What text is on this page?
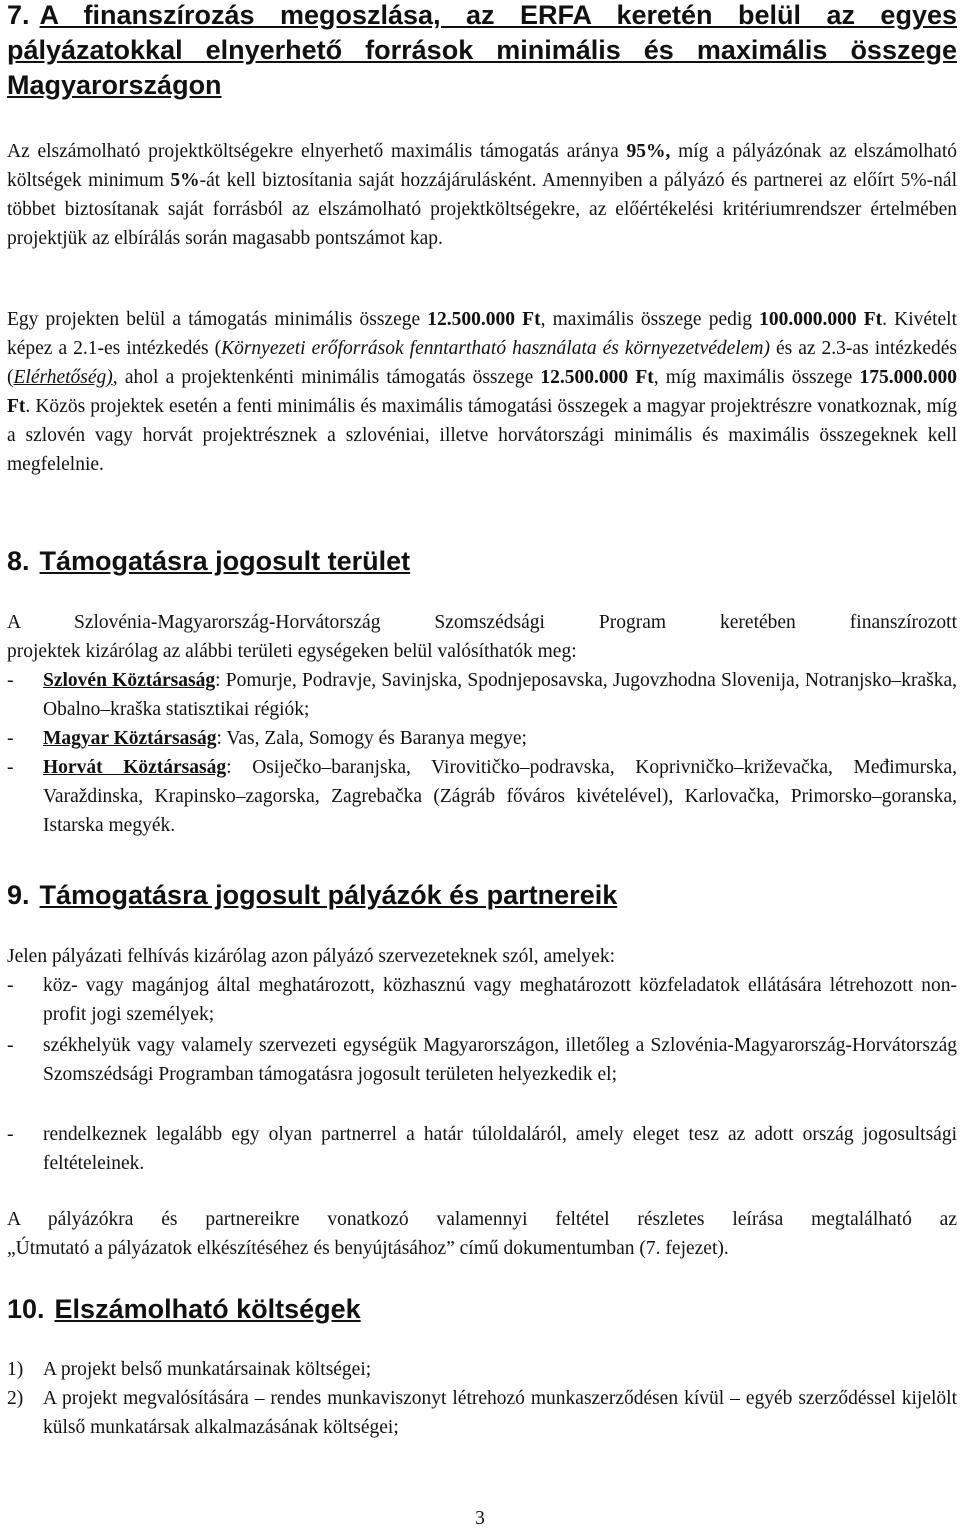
7. A finanszírozás megoszlása, az ERFA keretén belül az egyes pályázatokkal elnyerhető források minimális és maximális összege Magyarországon
Az elszámolható projektköltségekre elnyerhető maximális támogatás aránya 95%, míg a pályázónak az elszámolható költségek minimum 5%-át kell biztosítania saját hozzájárulásként. Amennyiben a pályázó és partnerei az előírt 5%-nál többet biztosítanak saját forrásból az elszámolható projektköltségekre, az előértékelési kritériumrendszer értelmében projektjük az elbírálás során magasabb pontszámot kap.
Egy projekten belül a támogatás minimális összege 12.500.000 Ft, maximális összege pedig 100.000.000 Ft. Kivételt képez a 2.1-es intézkedés (Környezeti erőforrások fenntartható használata és környezetvédelem) és az 2.3-as intézkedés (Elérhetőség), ahol a projektenkénti minimális támogatás összege 12.500.000 Ft, míg maximális összege 175.000.000 Ft. Közös projektek esetén a fenti minimális és maximális támogatási összegek a magyar projektrészre vonatkoznak, míg a szlovén vagy horvát projektrésznek a szlovéniai, illetve horvátországi minimális és maximális összegeknek kell megfelelnie.
8. Támogatásra jogosult terület
A Szlovénia-Magyarország-Horvátország Szomszédsági Program keretében finanszírozott
projektek kizárólag az alábbi területi egységeken belül valósíthatók meg:
-	Szlovén Köztársaság: Pomurje, Podravje, Savinjska, Spodnjeposavska, Jugovzhodna Slovenija, Notranjsko–kraška, Obalno–kraška statisztikai régiók;
-	Magyar Köztársaság: Vas, Zala, Somogy és Baranya megye;
-	Horvát Köztársaság: Osiječko–baranjska, Virovitičko–podravska, Koprivničko–križevačka, Međimurska, Varaždinska, Krapinsko–zagorska, Zagrebačka (Zágráb főváros kivételével), Karlovačka, Primorsko–goranska, Istarska megyék.
9. Támogatásra jogosult pályázók és partnereik
Jelen pályázati felhívás kizárólag azon pályázó szervezeteknek szól, amelyek:
-	köz- vagy magánjog által meghatározott, közhasznú vagy meghatározott közfeladatok ellátására létrehozott non-profit jogi személyek;
-	székhelyük vagy valamely szervezeti egységük Magyarországon, illetőleg a Szlovénia-Magyarország-Horvátország Szomszédsági Programban támogatásra jogosult területen helyezkedik el;
-	rendelkeznek legalább egy olyan partnerrel a határ túloldaláról, amely eleget tesz az adott ország jogosultsági feltételeinek.
A pályázókra és partnereikre vonatkozó valamennyi feltétel részletes leírása megtalálható az
„Útmutató a pályázatok elkészítéséhez és benyújtásához” című dokumentumban (7. fejezet).
10. Elszámolható költségek
1)	A projekt belső munkatársainak költségei;
2)	A projekt megvalósítására – rendes munkaviszonyt létrehozó munkaszerződésen kívül – egyéb szerződéssel kijelölt külső munkatársak alkalmazásának költségei;
3
